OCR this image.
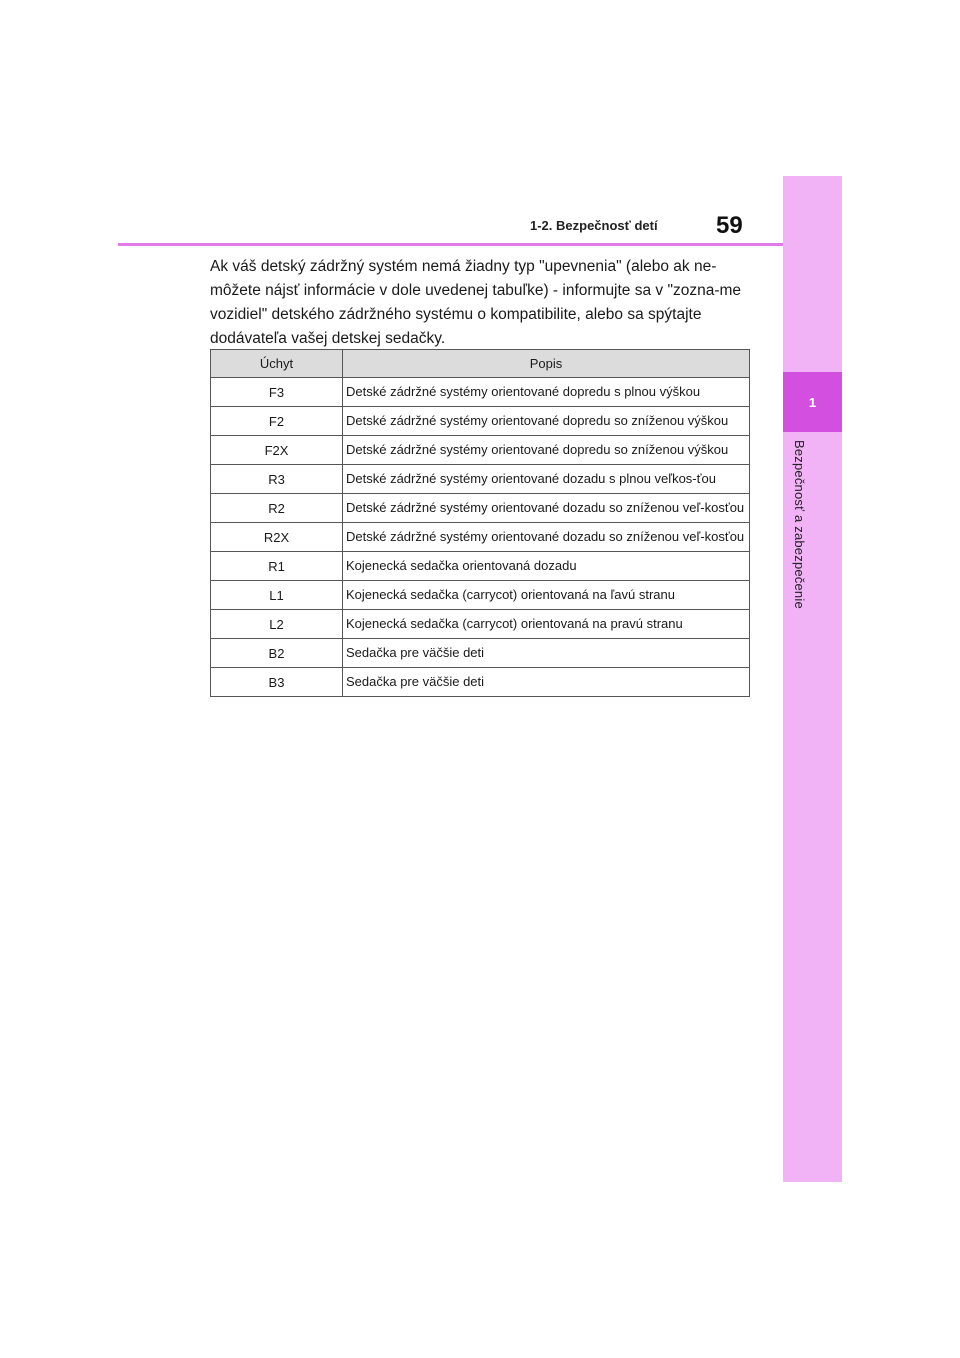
1
Bezpečnosť a zabezpečenie
1-2. Bezpečnosť detí 59

Ak váš detský zádržný systém nemá žiadny typ "upevnenia" (alebo ak ne-môžete nájsť informácie v dole uvedenej tabuľke) - informujte sa v "zozna-me vozidiel" detského zádržného systému o kompatibilite, alebo sa spýtajte dodávateľa vašej detskej sedačky.

Úchyt	Popis
F3	Detské zádržné systémy orientované dopredu s plnou výškou
F2	Detské zádržné systémy orientované dopredu so zníženou výškou
F2X	Detské zádržné systémy orientované dopredu so zníženou výškou
R3	Detské zádržné systémy orientované dozadu s plnou veľkos-ťou
R2	Detské zádržné systémy orientované dozadu so zníženou veľ-kosťou
R2X	Detské zádržné systémy orientované dozadu so zníženou veľ-kosťou
R1	Kojenecká sedačka orientovaná dozadu
L1	Kojenecká sedačka (carrycot) orientovaná na ľavú stranu
L2	Kojenecká sedačka (carrycot) orientovaná na pravú stranu
B2	Sedačka pre väčšie deti
B3	Sedačka pre väčšie deti
